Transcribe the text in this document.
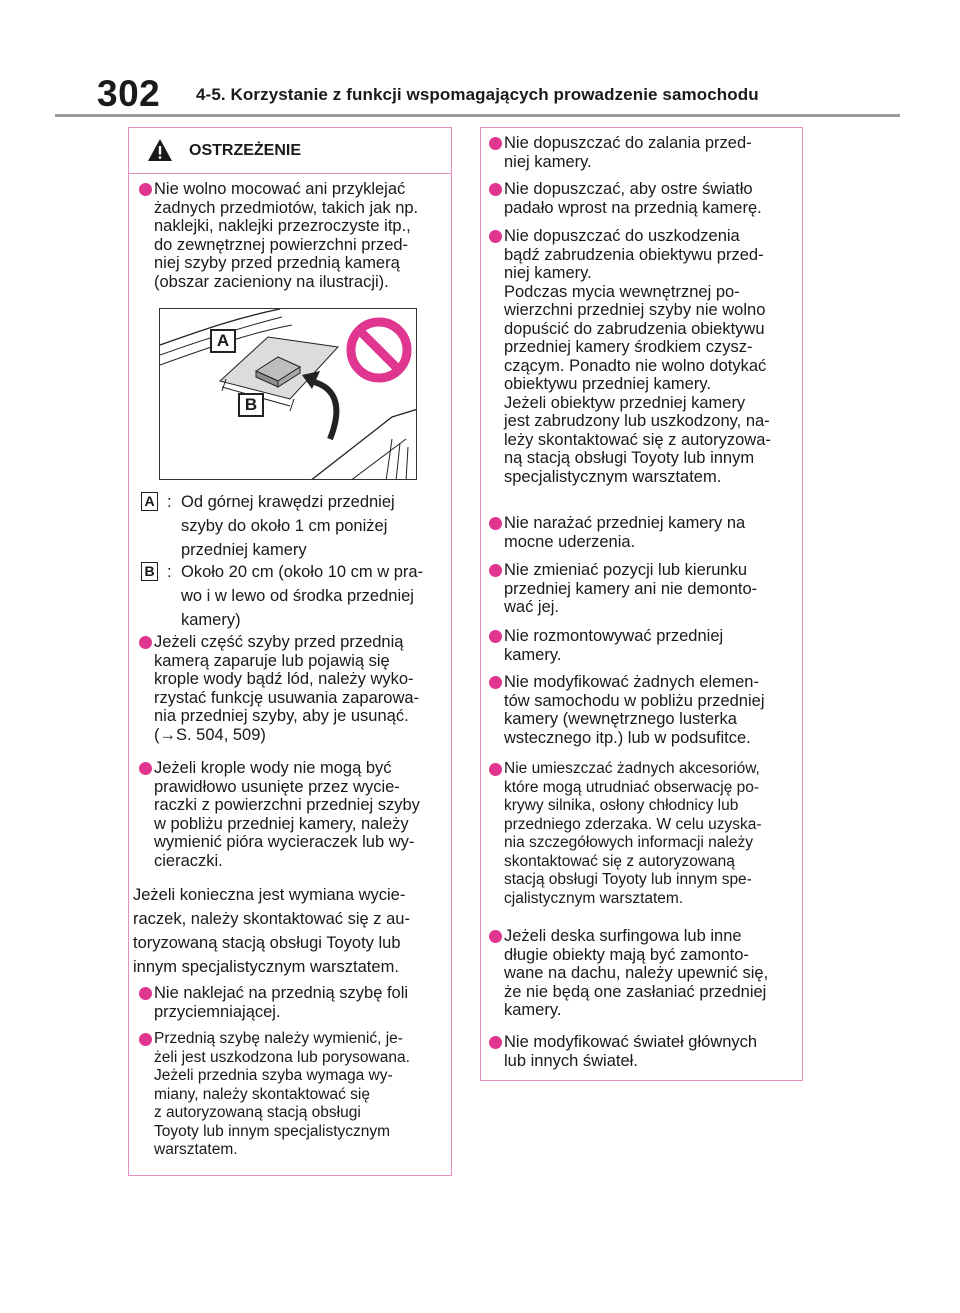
302 4-5. Korzystanie z funkcji wspomagających prowadzenie samochodu
OSTRZEŻENIE
Nie wolno mocować ani przyklejać
żadnych przedmiotów, takich jak np.
naklejki, naklejki przezroczyste itp.,
do zewnętrznej powierzchni przed-
niej szyby przed przednią kamerą
(obszar zacieniony na ilustracji).
A
B
A : Od górnej krawędzi przedniej
szyby do około 1 cm poniżej
przedniej kamery
B : Około 20 cm (około 10 cm w pra-
wo i w lewo od środka przedniej
kamery)
Jeżeli część szyby przed przednią
kamerą zaparuje lub pojawią się
krople wody bądź lód, należy wyko-
rzystać funkcję usuwania zaparowa-
nia przedniej szyby, aby je usunąć.
(→S. 504, 509)
Jeżeli krople wody nie mogą być
prawidłowo usunięte przez wycie-
raczki z powierzchni przedniej szyby
w pobliżu przedniej kamery, należy
wymienić pióra wycieraczek lub wy-
cieraczki.
Jeżeli konieczna jest wymiana wycie-
raczek, należy skontaktować się z au-
toryzowaną stacją obsługi Toyoty lub
innym specjalistycznym warsztatem.
Nie naklejać na przednią szybę foli
przyciemniającej.
Przednią szybę należy wymienić, je-
żeli jest uszkodzona lub porysowana.
Jeżeli przednia szyba wymaga wy-
miany, należy skontaktować się
z autoryzowaną stacją obsługi
Toyoty lub innym specjalistycznym
warsztatem.
Nie dopuszczać do zalania przed-
niej kamery.
Nie dopuszczać, aby ostre światło
padało wprost na przednią kamerę.
Nie dopuszczać do uszkodzenia
bądź zabrudzenia obiektywu przed-
niej kamery.
Podczas mycia wewnętrznej po-
wierzchni przedniej szyby nie wolno
dopuścić do zabrudzenia obiektywu
przedniej kamery środkiem czysz-
czącym. Ponadto nie wolno dotykać
obiektywu przedniej kamery.
Jeżeli obiektyw przedniej kamery
jest zabrudzony lub uszkodzony, na-
leży skontaktować się z autoryzowa-
ną stacją obsługi Toyoty lub innym
specjalistycznym warsztatem.
Nie narażać przedniej kamery na
mocne uderzenia.
Nie zmieniać pozycji lub kierunku
przedniej kamery ani nie demonto-
wać jej.
Nie rozmontowywać przedniej
kamery.
Nie modyfikować żadnych elemen-
tów samochodu w pobliżu przedniej
kamery (wewnętrznego lusterka
wstecznego itp.) lub w podsufitce.
Nie umieszczać żadnych akcesoriów,
które mogą utrudniać obserwację po-
krywy silnika, osłony chłodnicy lub
przedniego zderzaka. W celu uzyska-
nia szczegółowych informacji należy
skontaktować się z autoryzowaną
stacją obsługi Toyoty lub innym spe-
cjalistycznym warsztatem.
Jeżeli deska surfingowa lub inne
długie obiekty mają być zamonto-
wane na dachu, należy upewnić się,
że nie będą one zasłaniać przedniej
kamery.
Nie modyfikować świateł głównych
lub innych świateł.
